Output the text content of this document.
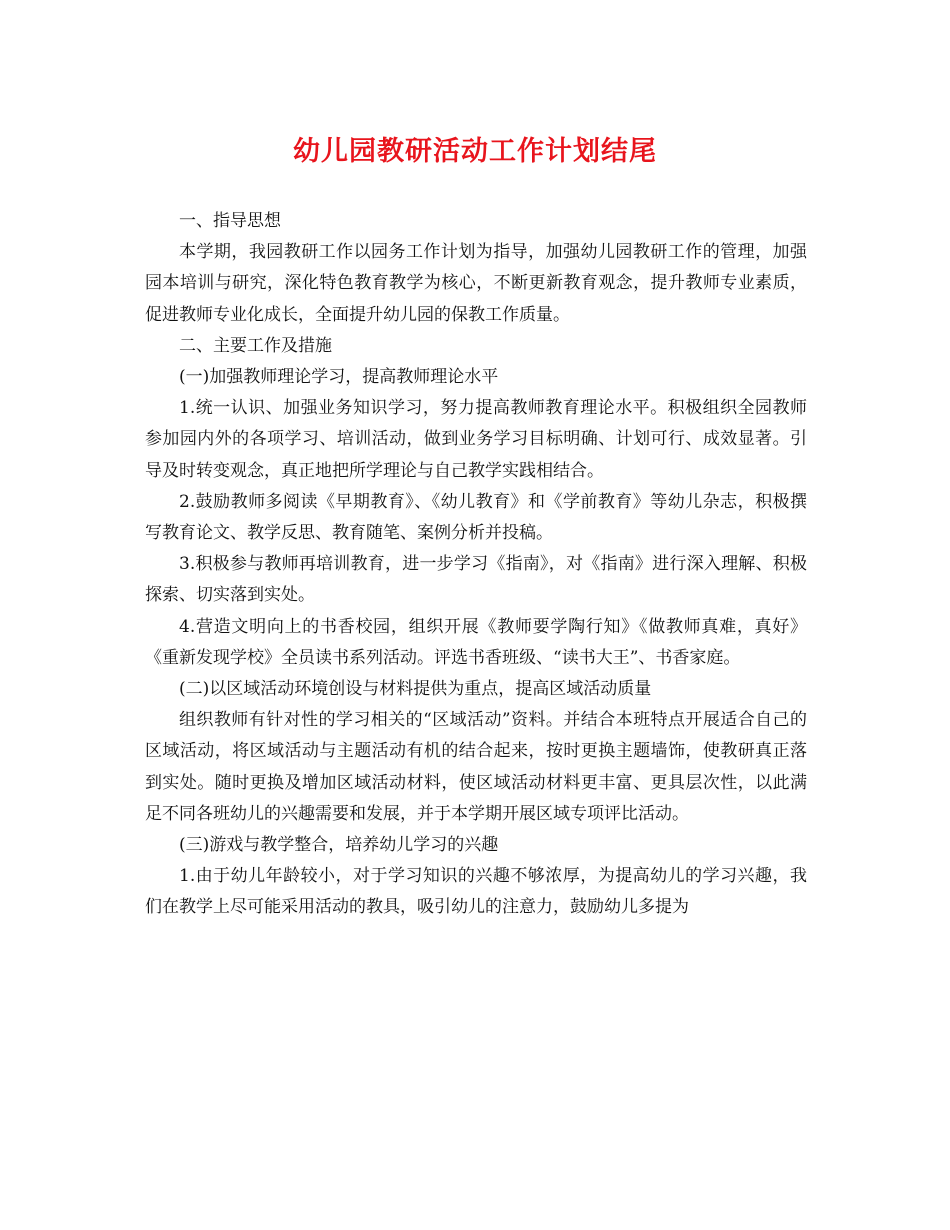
幼儿园教研活动工作计划结尾

一、指导思想

本学期，我园教研工作以园务工作计划为指导，加强幼儿园教研工作的管理，加强园本培训与研究，深化特色教育教学为核心，不断更新教育观念，提升教师专业素质，促进教师专业化成长，全面提升幼儿园的保教工作质量。

二、主要工作及措施

(一)加强教师理论学习，提高教师理论水平

1.统一认识、加强业务知识学习，努力提高教师教育理论水平。积极组织全园教师参加园内外的各项学习、培训活动，做到业务学习目标明确、计划可行、成效显著。引导及时转变观念，真正地把所学理论与自己教学实践相结合。

2.鼓励教师多阅读《早期教育》、《幼儿教育》和《学前教育》等幼儿杂志，积极撰写教育论文、教学反思、教育随笔、案例分析并投稿。

3.积极参与教师再培训教育，进一步学习《指南》，对《指南》进行深入理解、积极探索、切实落到实处。

4.营造文明向上的书香校园，组织开展《教师要学陶行知》《做教师真难，真好》《重新发现学校》全员读书系列活动。评选书香班级、“读书大王”、书香家庭。

(二)以区域活动环境创设与材料提供为重点，提高区域活动质量

组织教师有针对性的学习相关的“区域活动”资料。并结合本班特点开展适合自己的区域活动，将区域活动与主题活动有机的结合起来，按时更换主题墙饰，使教研真正落到实处。随时更换及增加区域活动材料，使区域活动材料更丰富、更具层次性，以此满足不同各班幼儿的兴趣需要和发展，并于本学期开展区域专项评比活动。

(三)游戏与教学整合，培养幼儿学习的兴趣

1.由于幼儿年龄较小，对于学习知识的兴趣不够浓厚，为提高幼儿的学习兴趣，我们在教学上尽可能采用活动的教具，吸引幼儿的注意力，鼓励幼儿多提为
